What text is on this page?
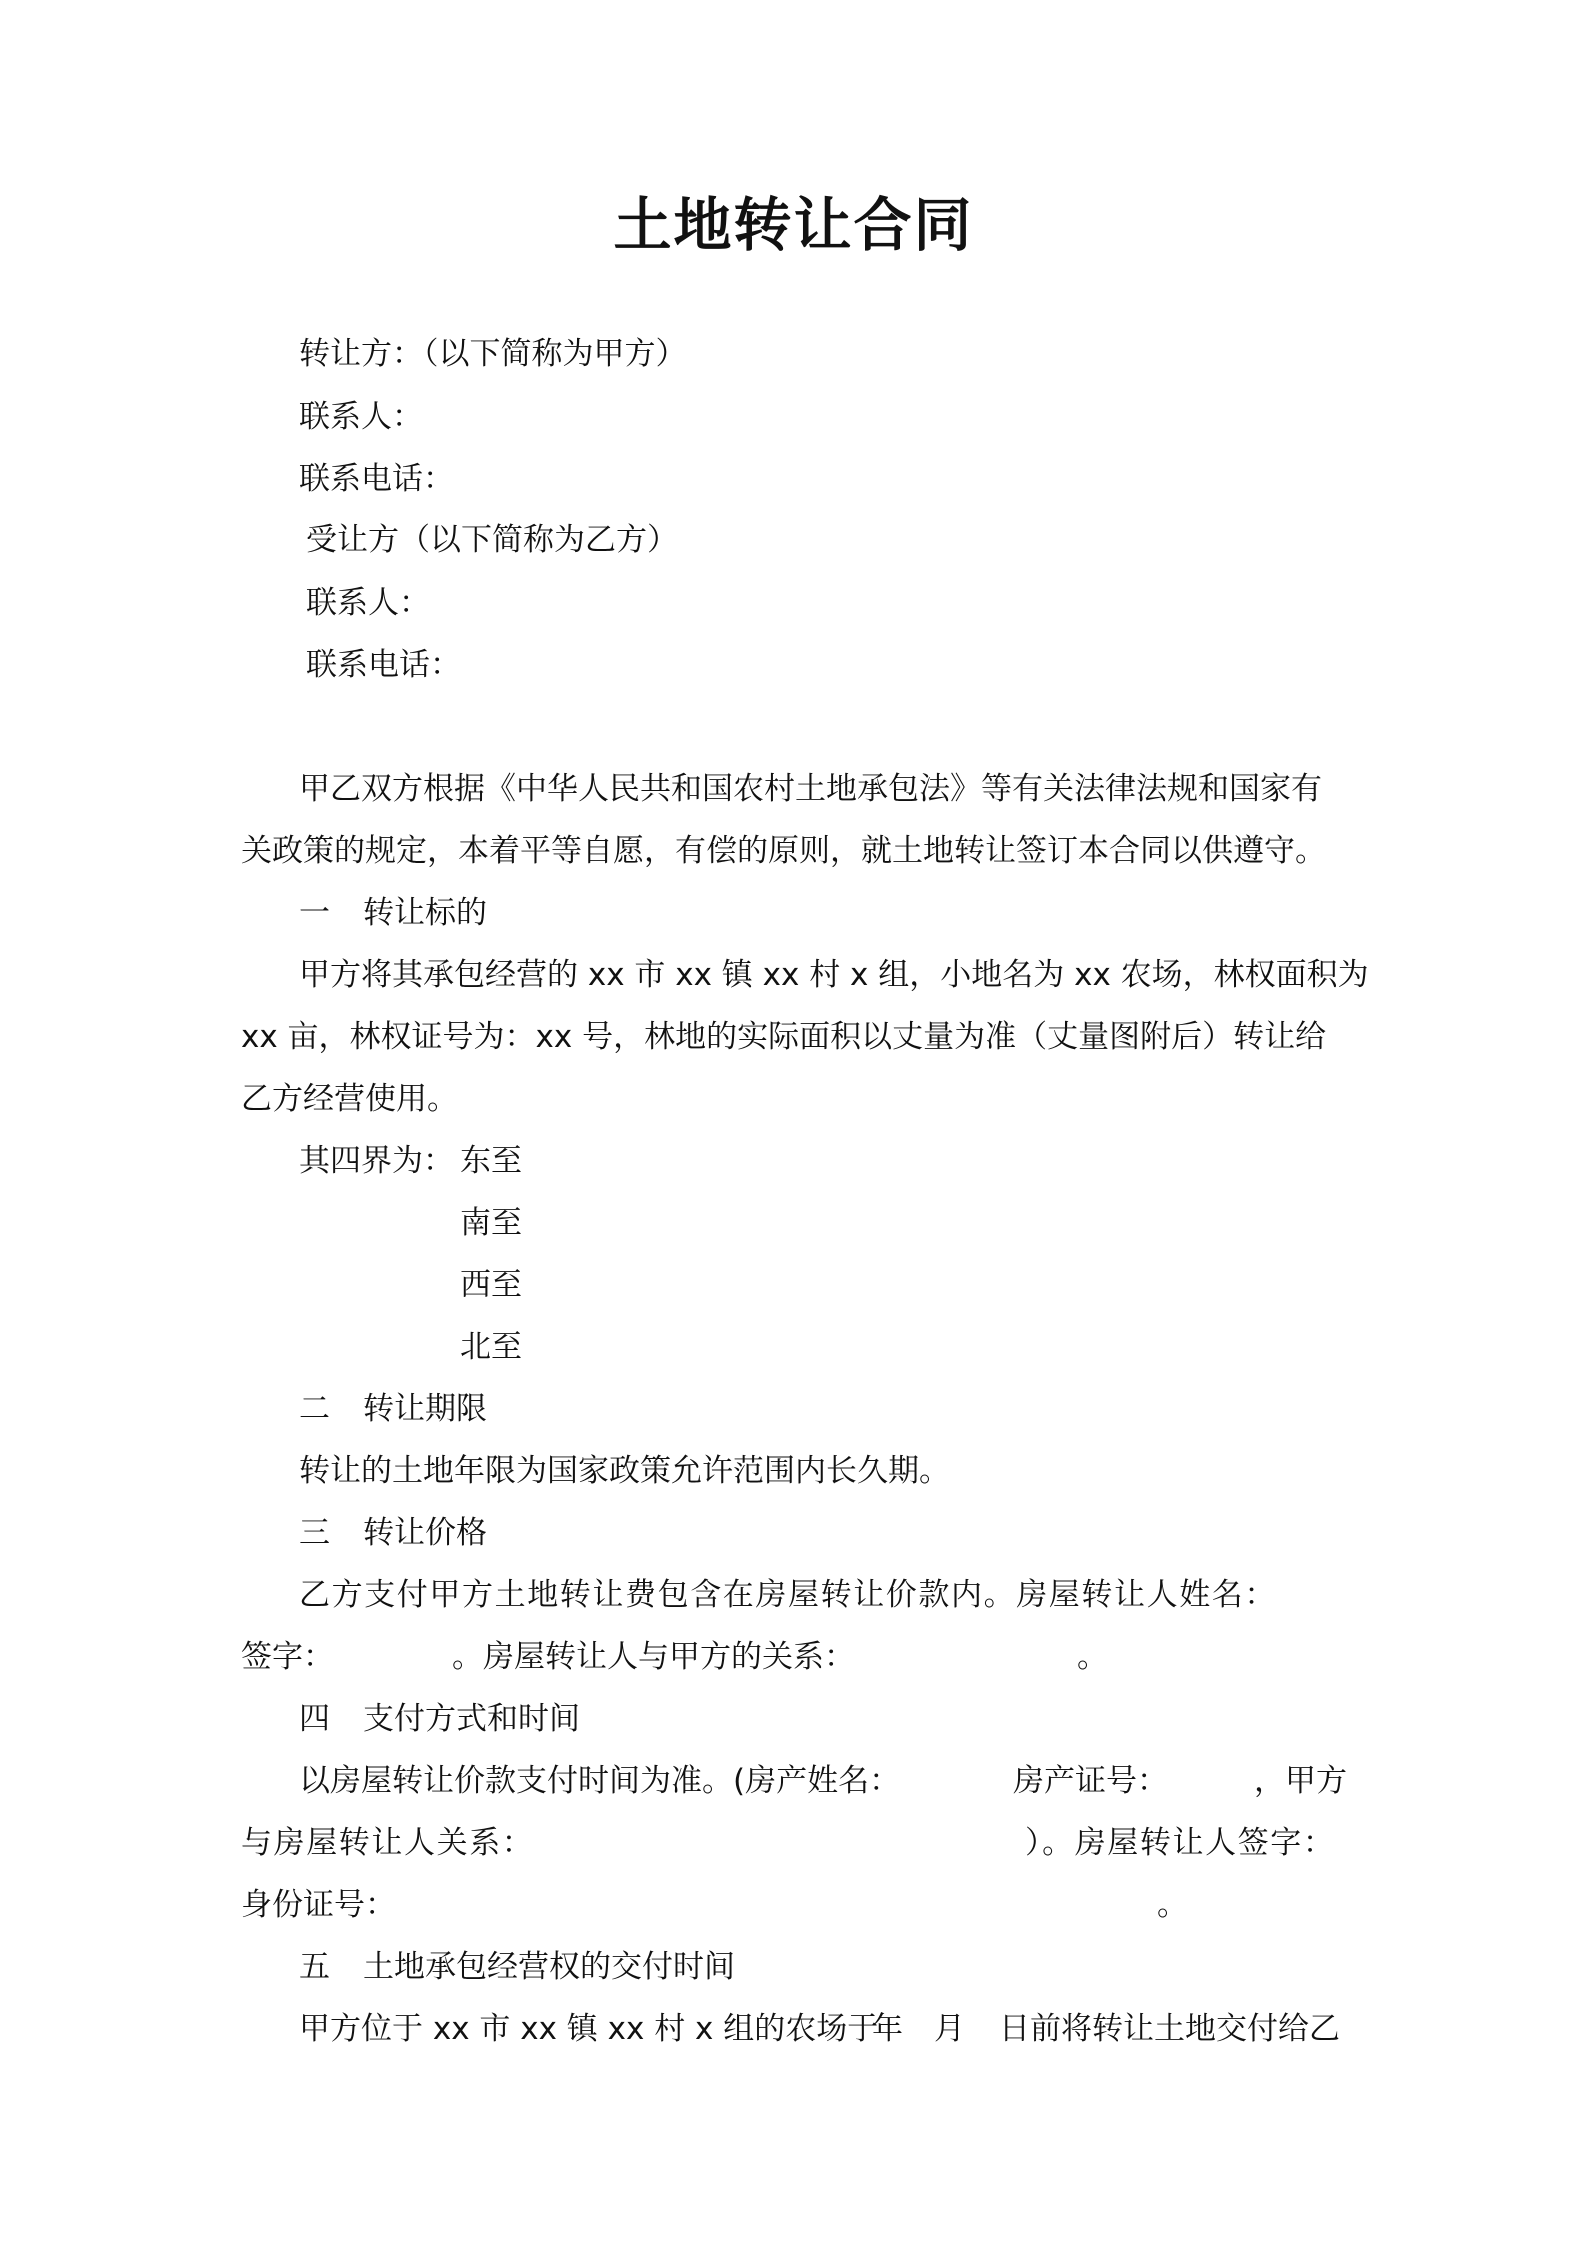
土地转让合同
转让方：（以下简称为甲方）
联系人：
联系电话：
受让方（以下简称为乙方）
联系人：
联系电话：
甲乙双方根据《中华人民共和国农村土地承包法》等有关法律法规和国家有
关政策的规定，本着平等自愿，有偿的原则，就土地转让签订本合同以供遵守。
一 转让标的
甲方将其承包经营的 xx 市 xx 镇 xx 村 x 组，小地名为 xx 农场，林权面积为
xx 亩，林权证号为：xx 号，林地的实际面积以丈量为准（丈量图附后）转让给
乙方经营使用。
其四界为： 东至
南至
西至
北至
二 转让期限
转让的土地年限为国家政策允许范围内长久期。
三 转让价格
乙方支付甲方土地转让费包含在房屋转让价款内。房屋转让人姓名：
签字：	。房屋转让人与甲方的关系：	。
四 支付方式和时间
以房屋转让价款支付时间为准。(房产姓名：	房产证号：	，甲方
与房屋转让人关系：	）。房屋转让人签字：
身份证号：	。
五 土地承包经营权的交付时间
甲方位于 xx 市 xx 镇 xx 村 x 组的农场于
年 月 日前将转让土地交付给乙
